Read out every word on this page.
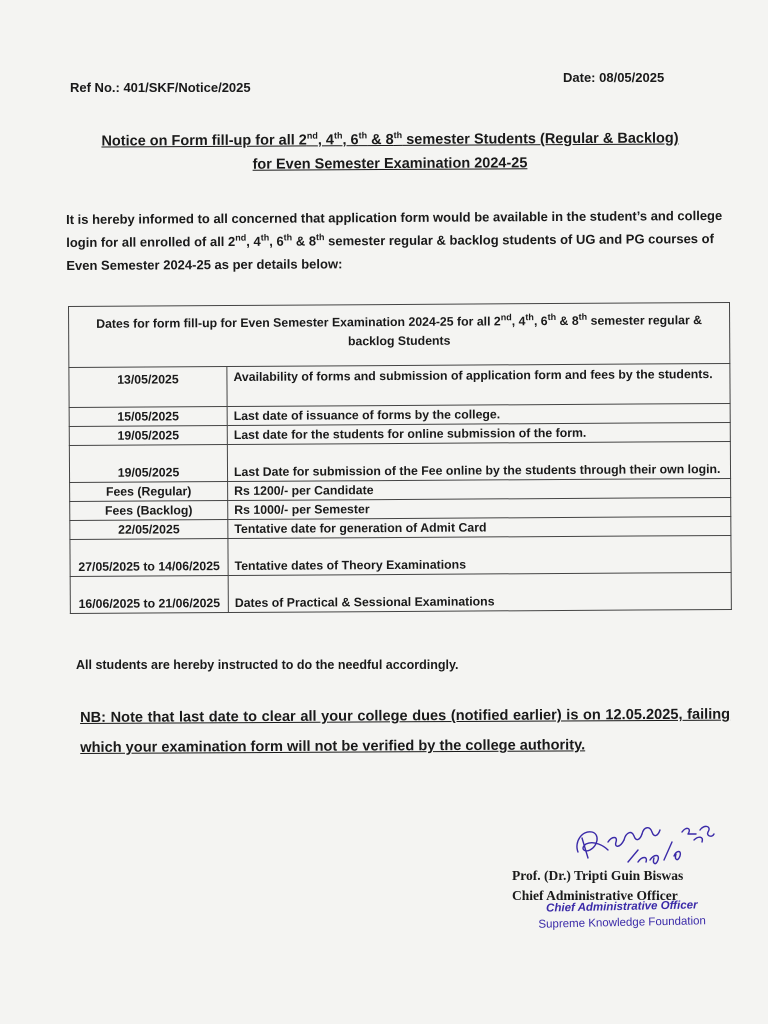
Ref No.: 401/SKF/Notice/2025
Date: 08/05/2025
Notice on Form fill-up for all 2nd, 4th, 6th & 8th semester Students (Regular & Backlog)
for Even Semester Examination 2024-25
It is hereby informed to all concerned that application form would be available in the student’s and college login for all enrolled of all 2nd, 4th, 6th & 8th semester regular & backlog students of UG and PG courses of Even Semester 2024-25 as per details below:
Dates for form fill-up for Even Semester Examination 2024-25 for all 2nd, 4th, 6th & 8th semester regular & backlog Students	
13/05/2025	Availability of forms and submission of application form and fees by the students.
15/05/2025	Last date of issuance of forms by the college.
19/05/2025	Last date for the students for online submission of the form.
19/05/2025	Last Date for submission of the Fee online by the students through their own login.
Fees (Regular)	Rs 1200/- per Candidate
Fees (Backlog)	Rs 1000/- per Semester
22/05/2025	Tentative date for generation of Admit Card
27/05/2025 to 14/06/2025	Tentative dates of Theory Examinations
16/06/2025 to 21/06/2025	Dates of Practical & Sessional Examinations
All students are hereby instructed to do the needful accordingly.
NB: Note that last date to clear all your college dues (notified earlier) is on 12.05.2025, failing which your examination form will not be verified by the college authority.
Prof. (Dr.) Tripti Guin Biswas
Chief Administrative Officer
Chief Administrative Officer
Supreme Knowledge Foundation
